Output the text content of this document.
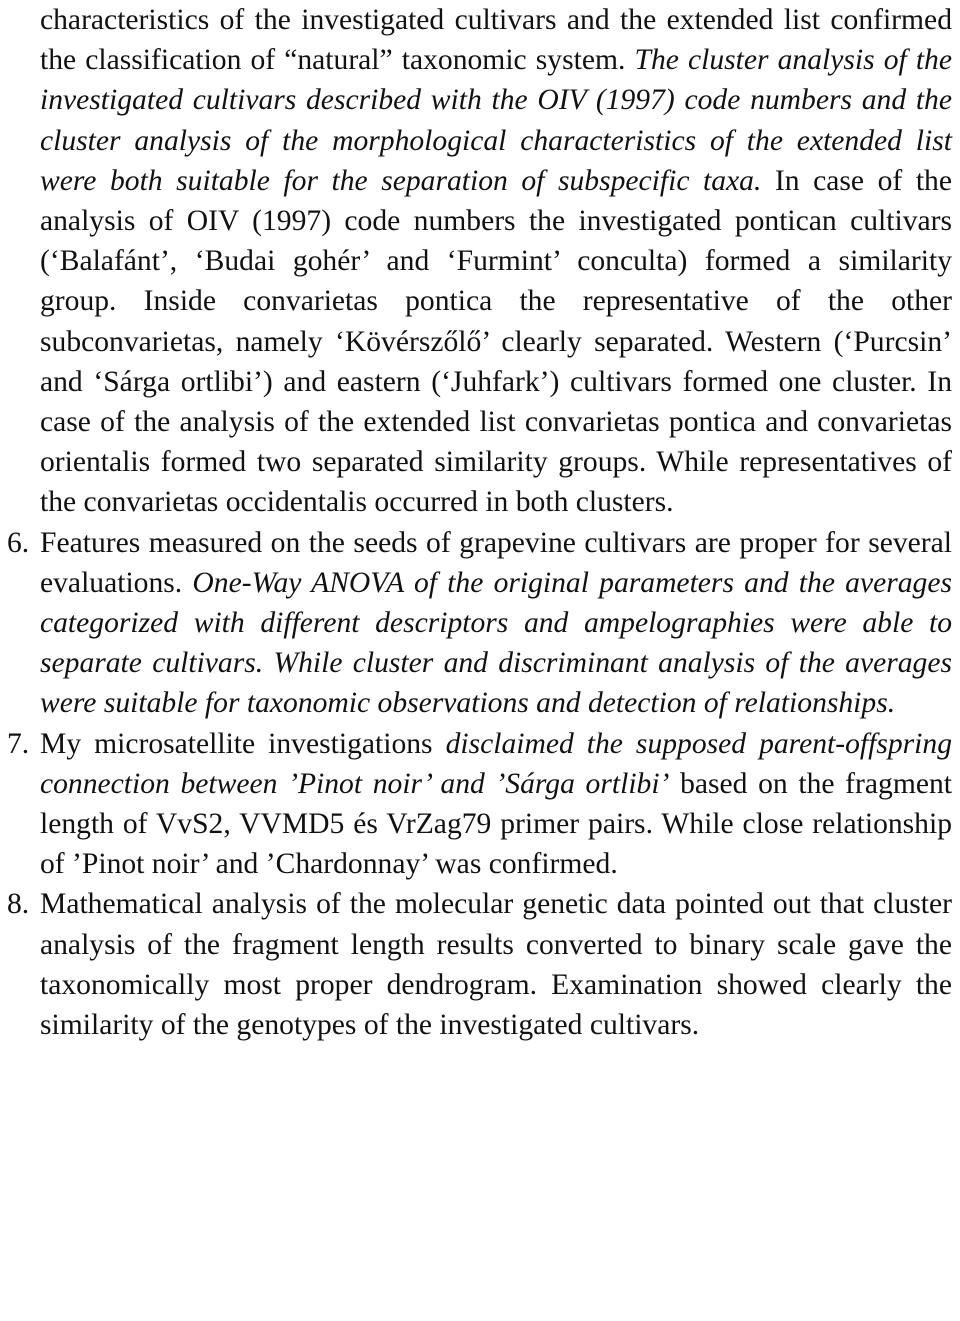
characteristics of the investigated cultivars and the extended list confirmed the classification of “natural” taxonomic system. The cluster analysis of the investigated cultivars described with the OIV (1997) code numbers and the cluster analysis of the morphological characteristics of the extended list were both suitable for the separation of subspecific taxa. In case of the analysis of OIV (1997) code numbers the investigated pontican cultivars (‘Balafánt’, ‘Budai gohér’ and ‘Furmint’ concultа) formed a similarity group. Inside convarietas pontica the representative of the other subconvarietas, namely ‘Kövérszőlő’ clearly separated. Western (‘Purcsin’ and ‘Sárga ortlibi’) and eastern (‘Juhfark’) cultivars formed one cluster. In case of the analysis of the extended list convarietas pontica and convarietas orientalis formed two separated similarity groups. While representatives of the convarietas occidentalis occurred in both clusters.

6. Features measured on the seeds of grapevine cultivars are proper for several evaluations. One-Way ANOVA of the original parameters and the averages categorized with different descriptors and ampelographies were able to separate cultivars. While cluster and discriminant analysis of the averages were suitable for taxonomic observations and detection of relationships.

7. My microsatellite investigations disclaimed the supposed parent-offspring connection between ’Pinot noir’ and ’Sárga ortlibi’ based on the fragment length of VvS2, VVMD5 és VrZag79 primer pairs. While close relationship of ’Pinot noir’ and ’Chardonnay’ was confirmed.

8. Mathematical analysis of the molecular genetic data pointed out that cluster analysis of the fragment length results converted to binary scale gave the taxonomically most proper dendrogram. Examination showed clearly the similarity of the genotypes of the investigated cultivars.
